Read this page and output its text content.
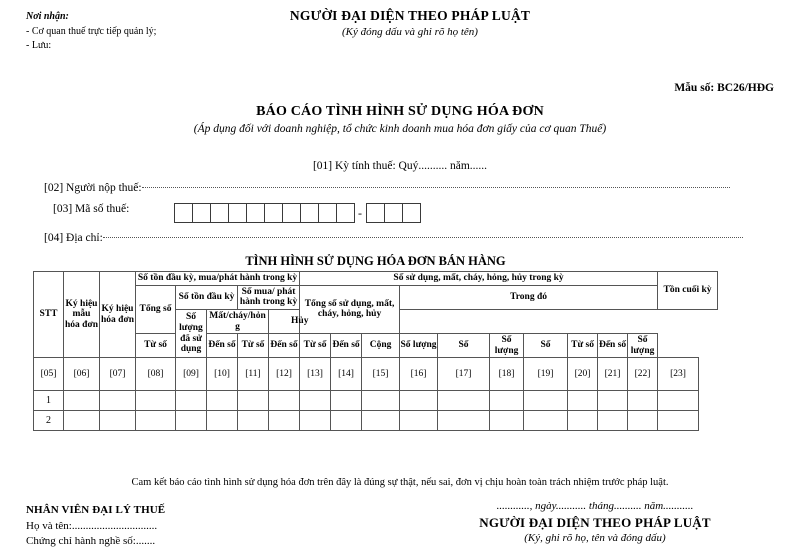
Nơi nhận:
- Cơ quan thuế trực tiếp quản lý;
- Lưu:
NGƯỜI ĐẠI DIỆN THEO PHÁP LUẬT
(Ký đóng dấu và ghi rõ họ tên)
Mẫu số: BC26/HĐG
BÁO CÁO TÌNH HÌNH SỬ DỤNG HÓA ĐƠN
(Áp dụng đối với doanh nghiệp, tổ chức kinh doanh mua hóa đơn giấy của cơ quan Thuế)
[01] Kỳ tính thuế: Quý.......... năm......
[02] Người nộp thuế:
[03] Mã số thuế:	-
[04] Địa chỉ:
TÌNH HÌNH SỬ DỤNG HÓA ĐƠN BÁN HÀNG
STT	Ký hiệu mẫu hóa đơn	Ký hiệu hóa đơn	Số tồn đầu kỳ, mua/phát hành trong kỳ					Số sử dụng, mất, cháy, hỏng, hủy trong kỳ										Tồn cuối kỳ
			Tổng số	Số tồn đầu kỳ		Số mua/ phát hành trong kỳ		Tổng số sử dụng, mất, cháy, hỏng, hủy			Trong đó							
				Số lượng đã sử dụng	Mất/cháy/hỏng		Hủy											
			Từ số		Đến số	Từ số	Đến số	Từ số	Đến số	Cộng	Số lượng	Số	Số lượng	Số	Từ số	Đến số	Số lượng	
[05]	[06]	[07]	[08]	[09]	[10]	[11]	[12]	[13]	[14]	[15]	[16]	[17]	[18]	[19]	[20]	[21]	[22]	[23]
1																		
2																		
Cam kết báo cáo tình hình sử dụng hóa đơn trên đây là đúng sự thật, nếu sai, đơn vị chịu hoàn toàn trách nhiệm trước pháp luật.
NHÂN VIÊN ĐẠI LÝ THUẾ
Họ và tên:...............................
Chứng chỉ hành nghề số:.......
............, ngày........... tháng.......... năm...........
NGƯỜI ĐẠI DIỆN THEO PHÁP LUẬT
(Ký, ghi rõ họ, tên và đóng dấu)
